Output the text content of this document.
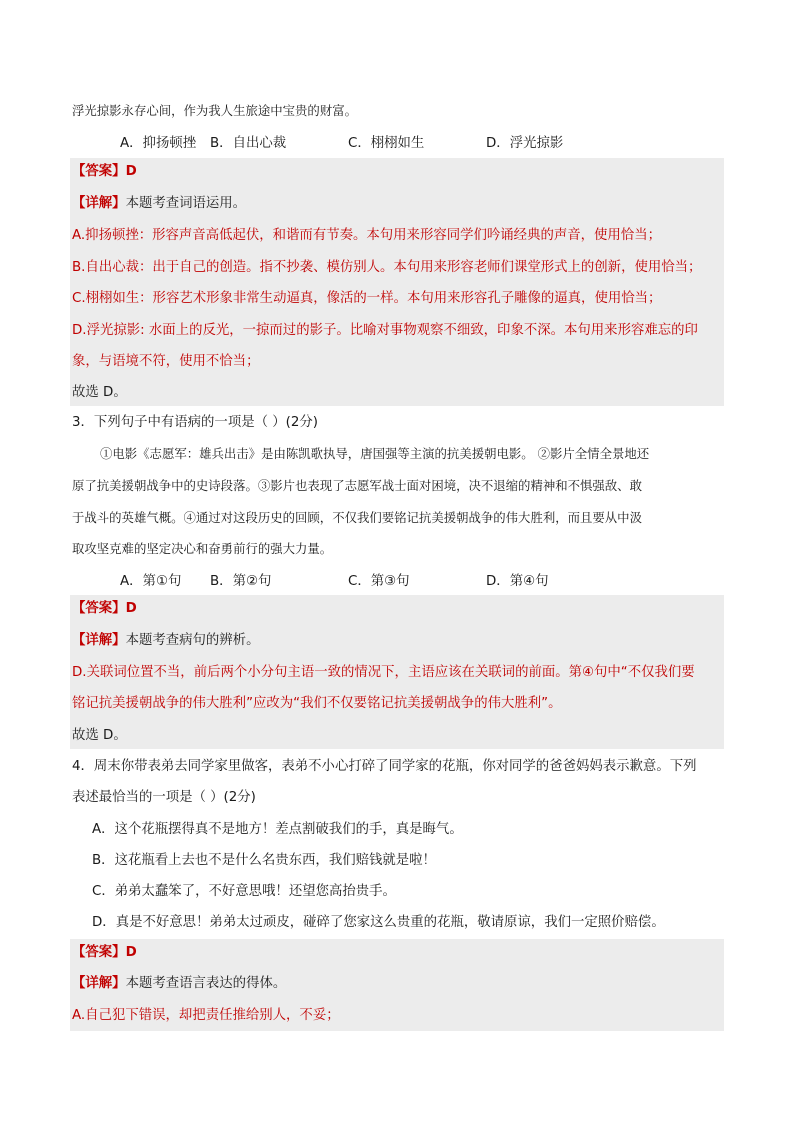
浮光掠影永存心间，作为我人生旅途中宝贵的财富。
A．抑扬顿挫 B．自出心裁	C．栩栩如生	D．浮光掠影
【答案】D
【详解】本题考查词语运用。
A.抑扬顿挫：形容声音高低起伏，和谐而有节奏。本句用来形容同学们吟诵经典的声音，使用恰当；
B.自出心裁：出于自己的创造。指不抄袭、模仿别人。本句用来形容老师们课堂形式上的创新，使用恰当；
C.栩栩如生：形容艺术形象非常生动逼真，像活的一样。本句用来形容孔子雕像的逼真，使用恰当；
D.浮光掠影: 水面上的反光，一掠而过的影子。比喻对事物观察不细致，印象不深。本句用来形容难忘的印
象，与语境不符，使用不恰当；
故选 D。
3．下列句子中有语病的一项是（ ）(2分)
①电影《志愿军：雄兵出击》是由陈凯歌执导，唐国强等主演的抗美援朝电影。 ②影片全情全景地还
原了抗美援朝战争中的史诗段落。③影片也表现了志愿军战士面对困境，决不退缩的精神和不惧强敌、敢
于战斗的英雄气概。④通过对这段历史的回顾，不仅我们要铭记抗美援朝战争的伟大胜利，而且要从中汲
取攻坚克难的坚定决心和奋勇前行的强大力量。
A．第①句 B．第②句	C．第③句	D．第④句
【答案】D
【详解】本题考查病句的辨析。
D.关联词位置不当，前后两个小分句主语一致的情况下，主语应该在关联词的前面。第④句中“不仅我们要
铭记抗美援朝战争的伟大胜利”应改为“我们不仅要铭记抗美援朝战争的伟大胜利”。
故选 D。
4．周末你带表弟去同学家里做客，表弟不小心打碎了同学家的花瓶，你对同学的爸爸妈妈表示歉意。下列
表述最恰当的一项是（ ）(2分)
A．这个花瓶摆得真不是地方！差点割破我们的手，真是晦气。
B．这花瓶看上去也不是什么名贵东西，我们赔钱就是啦！
C．弟弟太蠢笨了，不好意思哦！还望您高抬贵手。
D．真是不好意思！弟弟太过顽皮，碰碎了您家这么贵重的花瓶，敬请原谅，我们一定照价赔偿。
【答案】D
【详解】本题考查语言表达的得体。
A.自己犯下错误，却把责任推给别人，不妥；
